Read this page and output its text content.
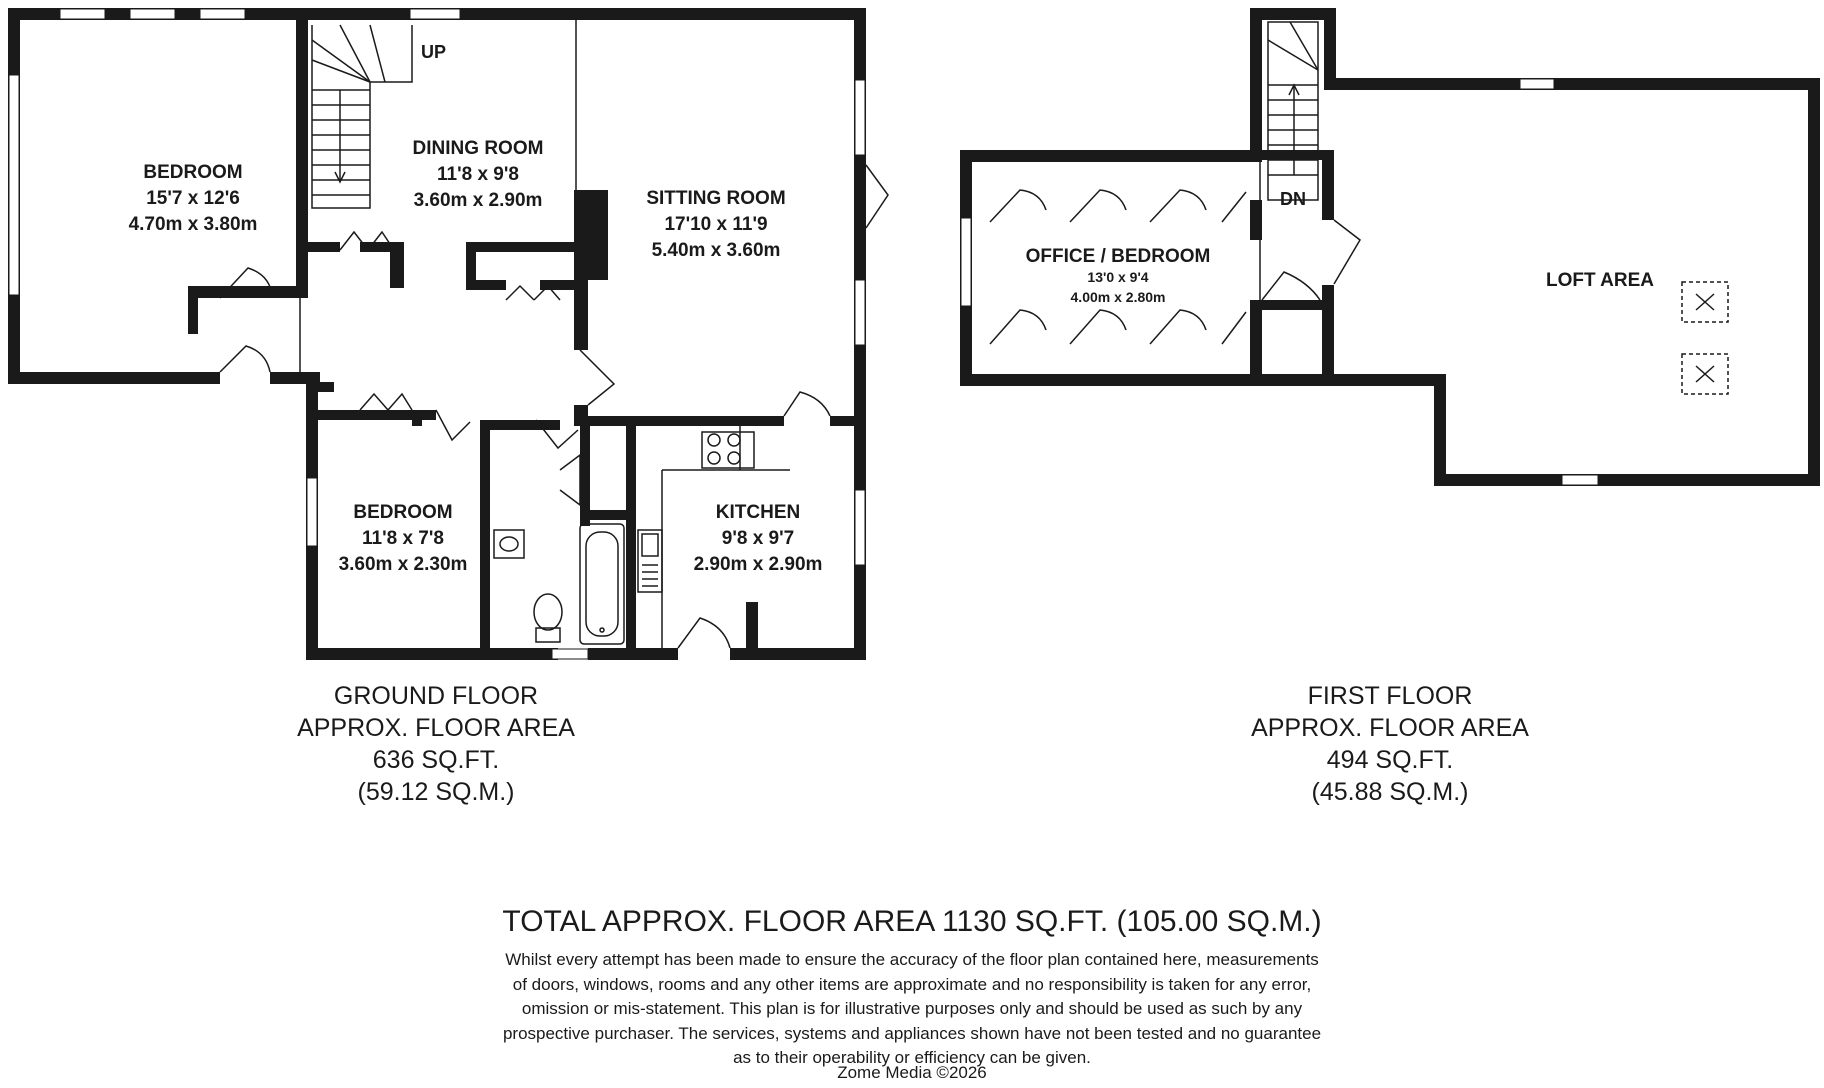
BEDROOM
15'7 x 12'6
4.70m x 3.80m
DINING ROOM
11'8 x 9'8
3.60m x 2.90m	SITTING ROOM
17'10 x 11'9
5.40m x 3.60m
BEDROOM
11'8 x 7'8
3.60m x 2.30m
KITCHEN
9'8 x 9'7
2.90m x 2.90m
UP
OFFICE / BEDROOM
13'0 x 9'4
4.00m x 2.80m
LOFT AREA
DN
GROUND FLOOR
APPROX. FLOOR AREA
636 SQ.FT.
(59.12 SQ.M.)
FIRST FLOOR
APPROX. FLOOR AREA
494 SQ.FT.
(45.88 SQ.M.)
TOTAL APPROX. FLOOR AREA 1130 SQ.FT. (105.00 SQ.M.)
Whilst every attempt has been made to ensure the accuracy of the floor plan contained here, measurements
of doors, windows, rooms and any other items are approximate and no responsibility is taken for any error,
omission or mis-statement. This plan is for illustrative purposes only and should be used as such by any
prospective purchaser. The services, systems and appliances shown have not been tested and no guarantee
as to their operability or efficiency can be given.
Zome Media ©2026
